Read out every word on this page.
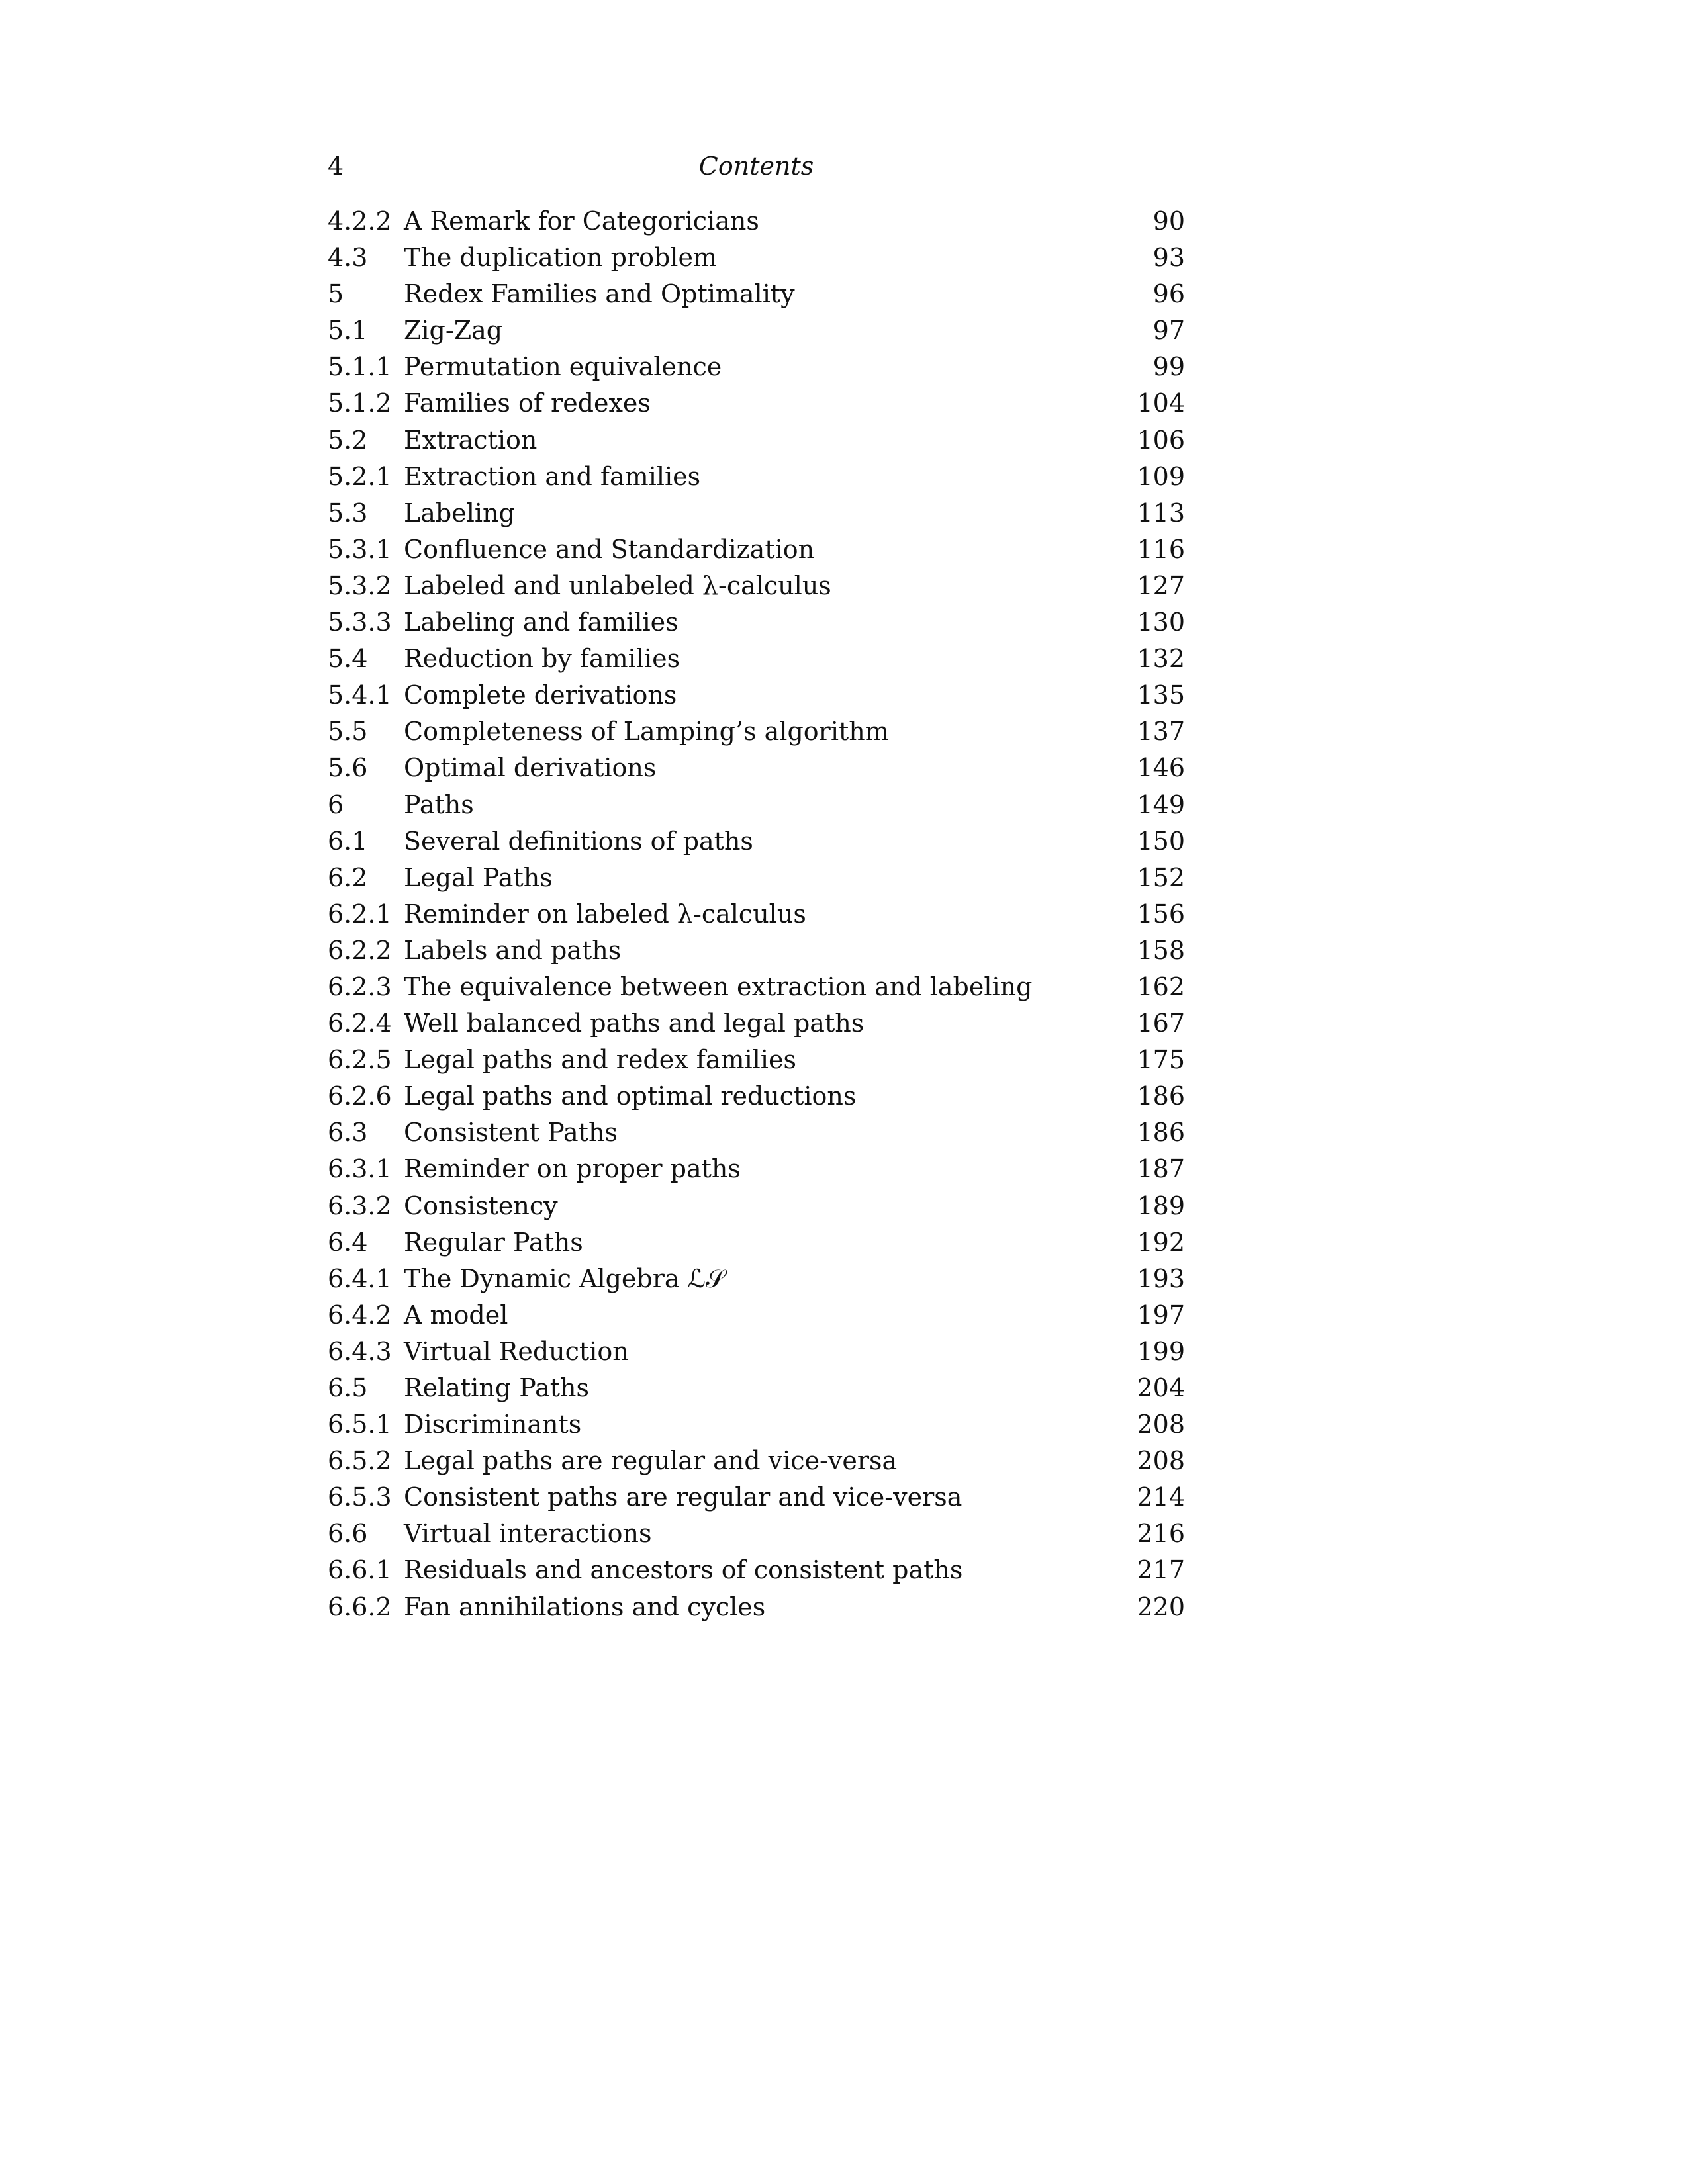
4	Contents
4.2.2 A Remark for Categoricians	90
4.3 The duplication problem	93
5 Redex Families and Optimality	96
5.1 Zig-Zag	97
5.1.1 Permutation equivalence	99
5.1.2 Families of redexes	104
5.2 Extraction	106
5.2.1 Extraction and families	109
5.3 Labeling	113
5.3.1 Confluence and Standardization	116
5.3.2 Labeled and unlabeled λ-calculus	127
5.3.3 Labeling and families	130
5.4 Reduction by families	132
5.4.1 Complete derivations	135
5.5 Completeness of Lamping’s algorithm	137
5.6 Optimal derivations	146
6 Paths	149
6.1 Several definitions of paths	150
6.2 Legal Paths	152
6.2.1 Reminder on labeled λ-calculus	156
6.2.2 Labels and paths	158
6.2.3 The equivalence between extraction and labeling	162
6.2.4 Well balanced paths and legal paths	167
6.2.5 Legal paths and redex families	175
6.2.6 Legal paths and optimal reductions	186
6.3 Consistent Paths	186
6.3.1 Reminder on proper paths	187
6.3.2 Consistency	189
6.4 Regular Paths	192
6.4.1 The Dynamic Algebra ℒ𝒮	193
6.4.2 A model	197
6.4.3 Virtual Reduction	199
6.5 Relating Paths	204
6.5.1 Discriminants	208
6.5.2 Legal paths are regular and vice-versa	208
6.5.3 Consistent paths are regular and vice-versa	214
6.6 Virtual interactions	216
6.6.1 Residuals and ancestors of consistent paths	217
6.6.2 Fan annihilations and cycles	220
